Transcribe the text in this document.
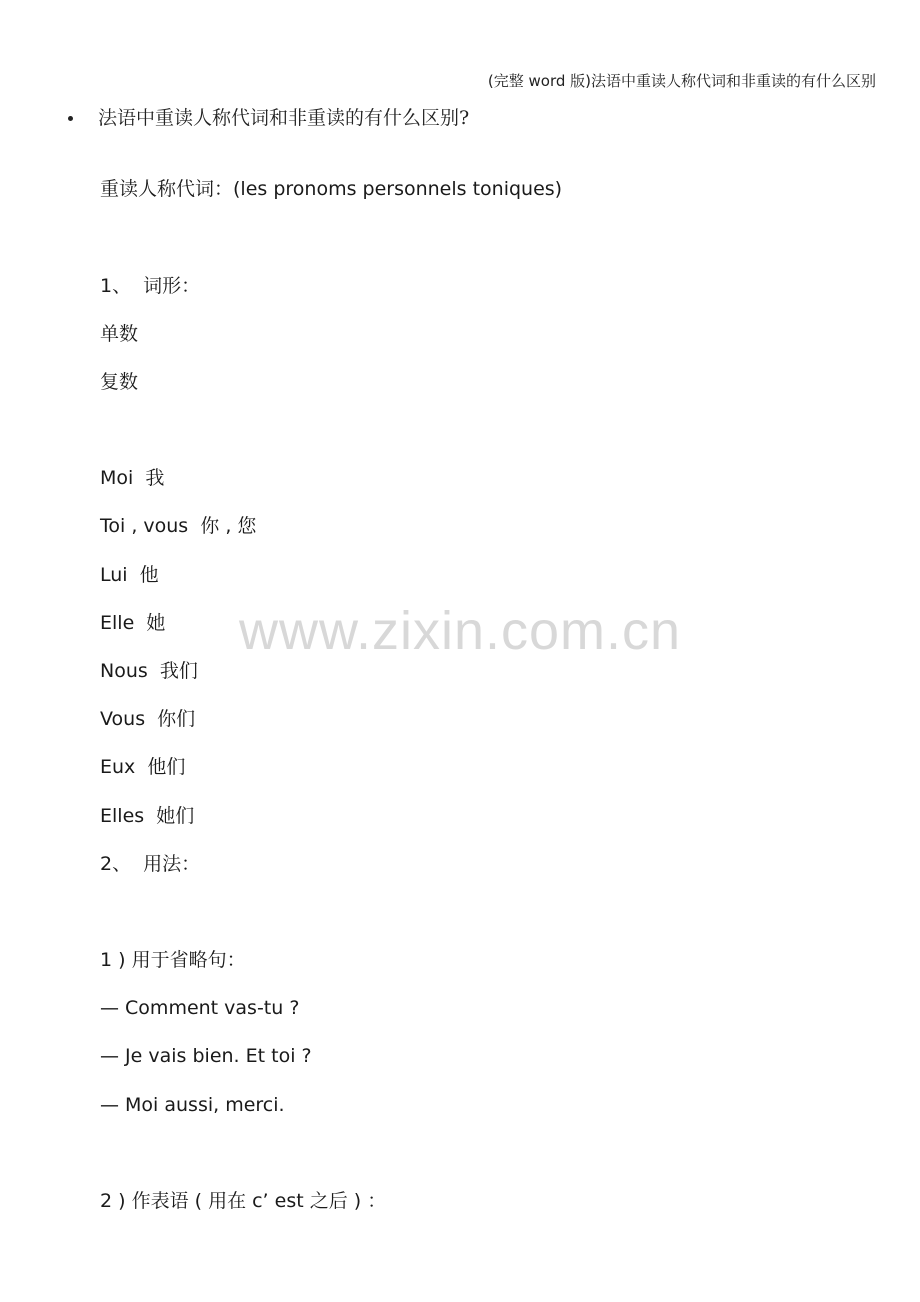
(完整 word 版)法语中重读人称代词和非重读的有什么区别
www.zixin.com.cn
法语中重读人称代词和非重读的有什么区别?
重读人称代词：(les pronoms personnels toniques)
1、  词形：
单数
复数
Moi  我
Toi , vous  你 , 您
Lui  他
Elle  她
Nous  我们
Vous  你们
Eux  他们
Elles  她们
2、  用法：
1 ) 用于省略句：
— Comment vas-tu ?
— Je vais bien. Et toi ?
— Moi aussi, merci.
2 ) 作表语 ( 用在 c’ est 之后 ) ：
